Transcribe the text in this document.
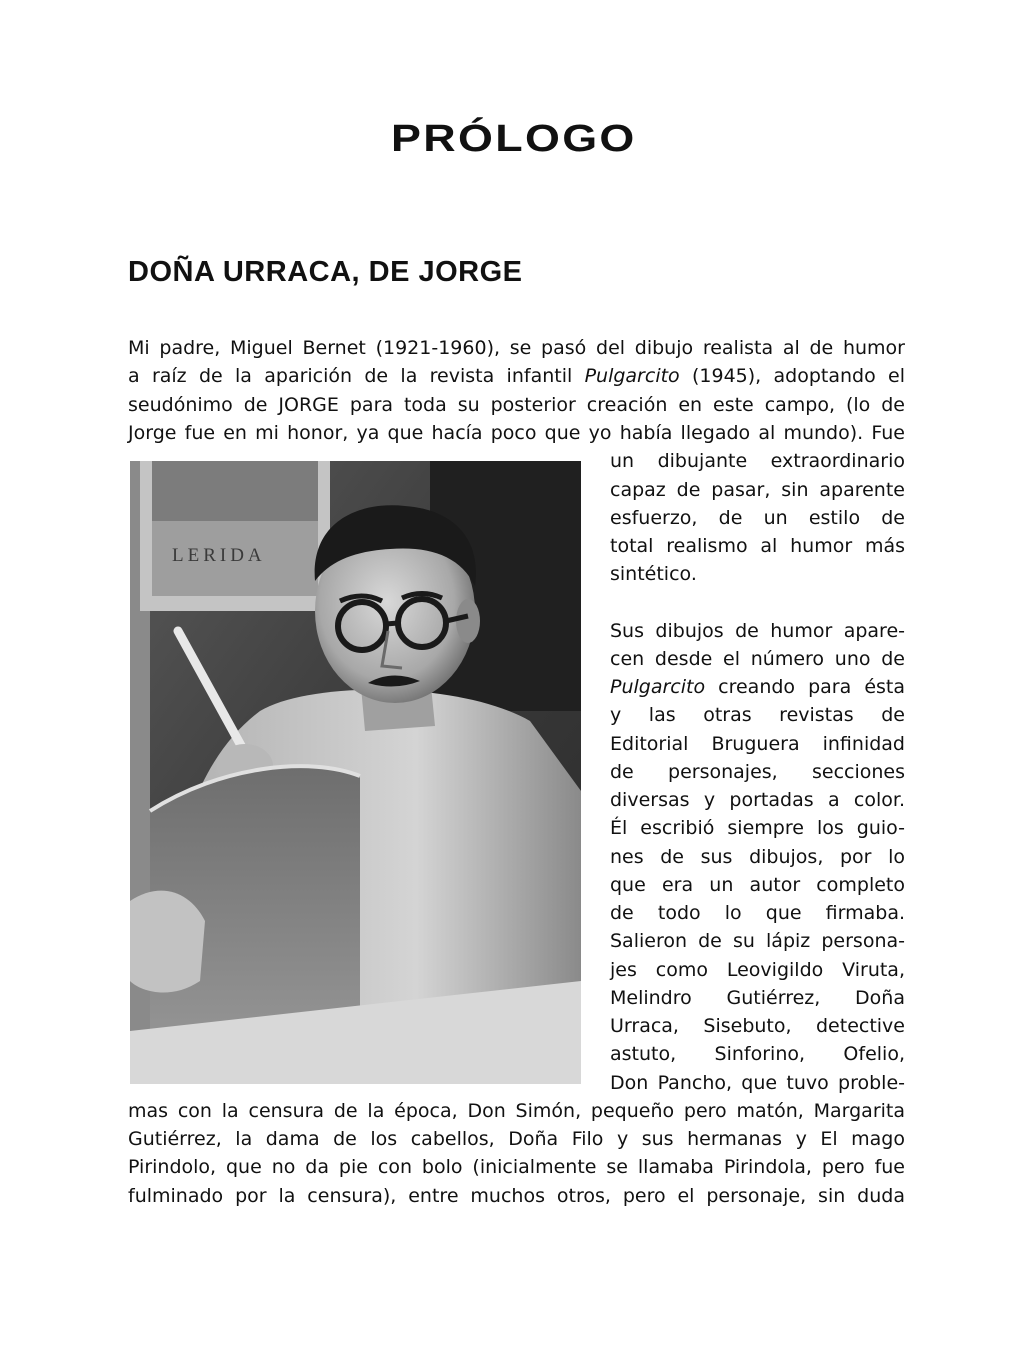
PRÓLOGO
DOÑA URRACA, DE JORGE
Mi padre, Miguel Bernet (1921-1960), se pasó del dibujo realista al de humor
a raíz de la aparición de la revista infantil Pulgarcito (1945), adoptando el
seudónimo de JORGE para toda su posterior creación en este campo, (lo de
Jorge fue en mi honor, ya que hacía poco que yo había llegado al mundo). Fue
LERIDA
un dibujante extraordinario
capaz de pasar, sin aparente
esfuerzo, de un estilo de
total realismo al humor más
sintético.
Sus dibujos de humor apare-
cen desde el número uno de
Pulgarcito creando para ésta
y las otras revistas de
Editorial Bruguera infinidad
de personajes, secciones
diversas y portadas a color.
Él escribió siempre los guio-
nes de sus dibujos, por lo
que era un autor completo
de todo lo que firmaba.
Salieron de su lápiz persona-
jes como Leovigildo Viruta,
Melindro Gutiérrez, Doña
Urraca, Sisebuto, detective
astuto, Sinforino, Ofelio,
Don Pancho, que tuvo proble-
mas con la censura de la época, Don Simón, pequeño pero matón, Margarita
Gutiérrez, la dama de los cabellos, Doña Filo y sus hermanas y El mago
Pirindolo, que no da pie con bolo (inicialmente se llamaba Pirindola, pero fue
fulminado por la censura), entre muchos otros, pero el personaje, sin duda
